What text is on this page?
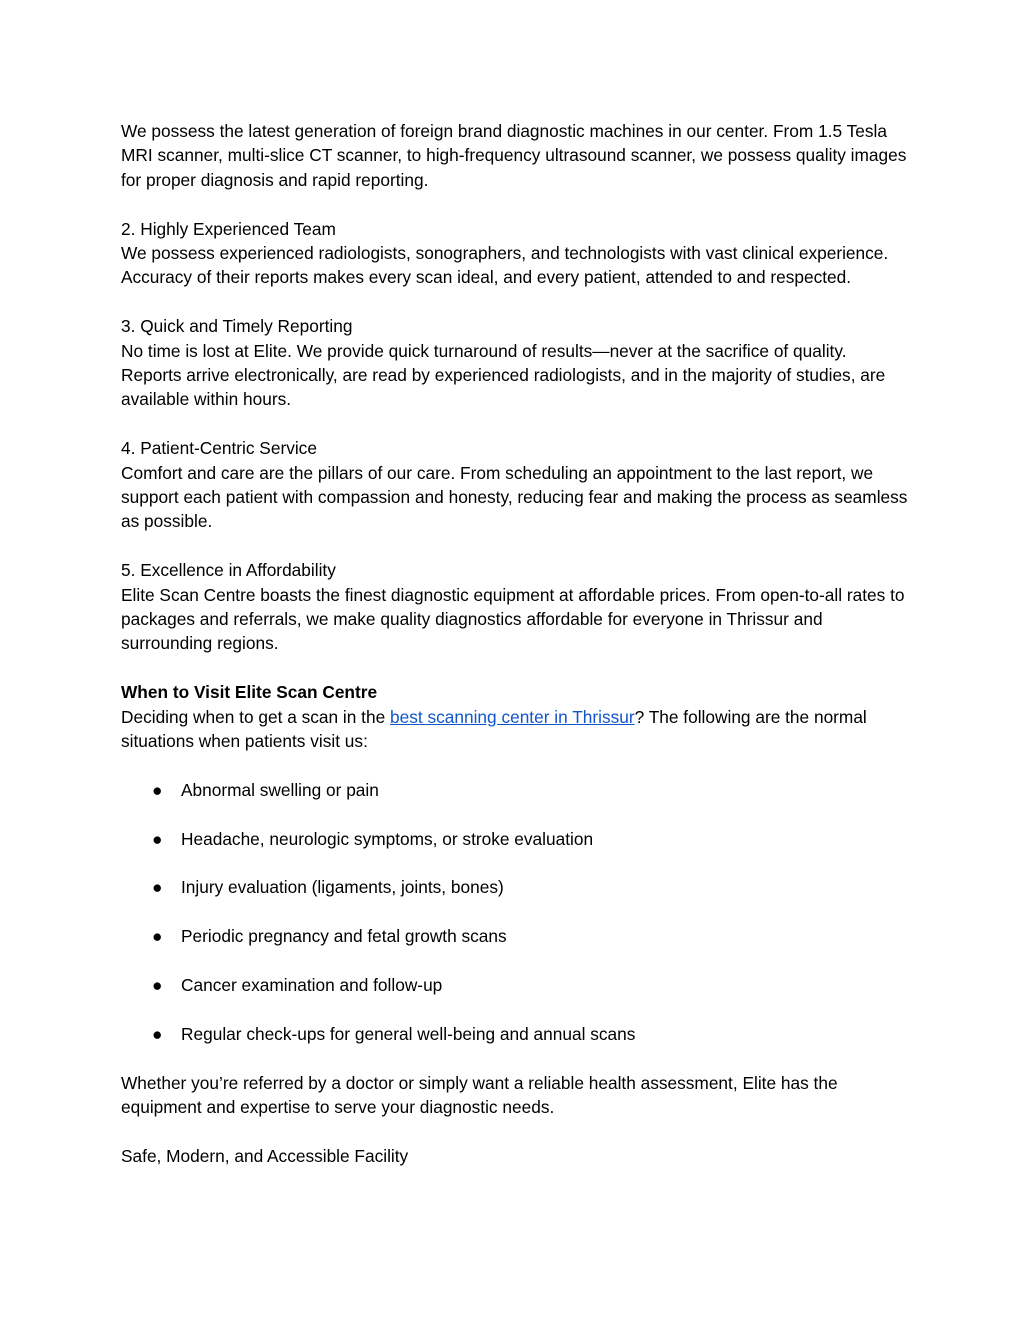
We possess the latest generation of foreign brand diagnostic machines in our center. From 1.5 Tesla MRI scanner, multi-slice CT scanner, to high-frequency ultrasound scanner, we possess quality images for proper diagnosis and rapid reporting.

2. Highly Experienced Team

We possess experienced radiologists, sonographers, and technologists with vast clinical experience. Accuracy of their reports makes every scan ideal, and every patient, attended to and respected.

3. Quick and Timely Reporting

No time is lost at Elite. We provide quick turnaround of results—never at the sacrifice of quality. Reports arrive electronically, are read by experienced radiologists, and in the majority of studies, are available within hours.

4. Patient-Centric Service

Comfort and care are the pillars of our care. From scheduling an appointment to the last report, we support each patient with compassion and honesty, reducing fear and making the process as seamless as possible.

5. Excellence in Affordability

Elite Scan Centre boasts the finest diagnostic equipment at affordable prices. From open-to-all rates to packages and referrals, we make quality diagnostics affordable for everyone in Thrissur and surrounding regions.

When to Visit Elite Scan Centre

Deciding when to get a scan in the best scanning center in Thrissur? The following are the normal situations when patients visit us:

● Abnormal swelling or pain
● Headache, neurologic symptoms, or stroke evaluation
● Injury evaluation (ligaments, joints, bones)
● Periodic pregnancy and fetal growth scans
● Cancer examination and follow-up
● Regular check-ups for general well-being and annual scans

Whether you’re referred by a doctor or simply want a reliable health assessment, Elite has the equipment and expertise to serve your diagnostic needs.

Safe, Modern, and Accessible Facility
